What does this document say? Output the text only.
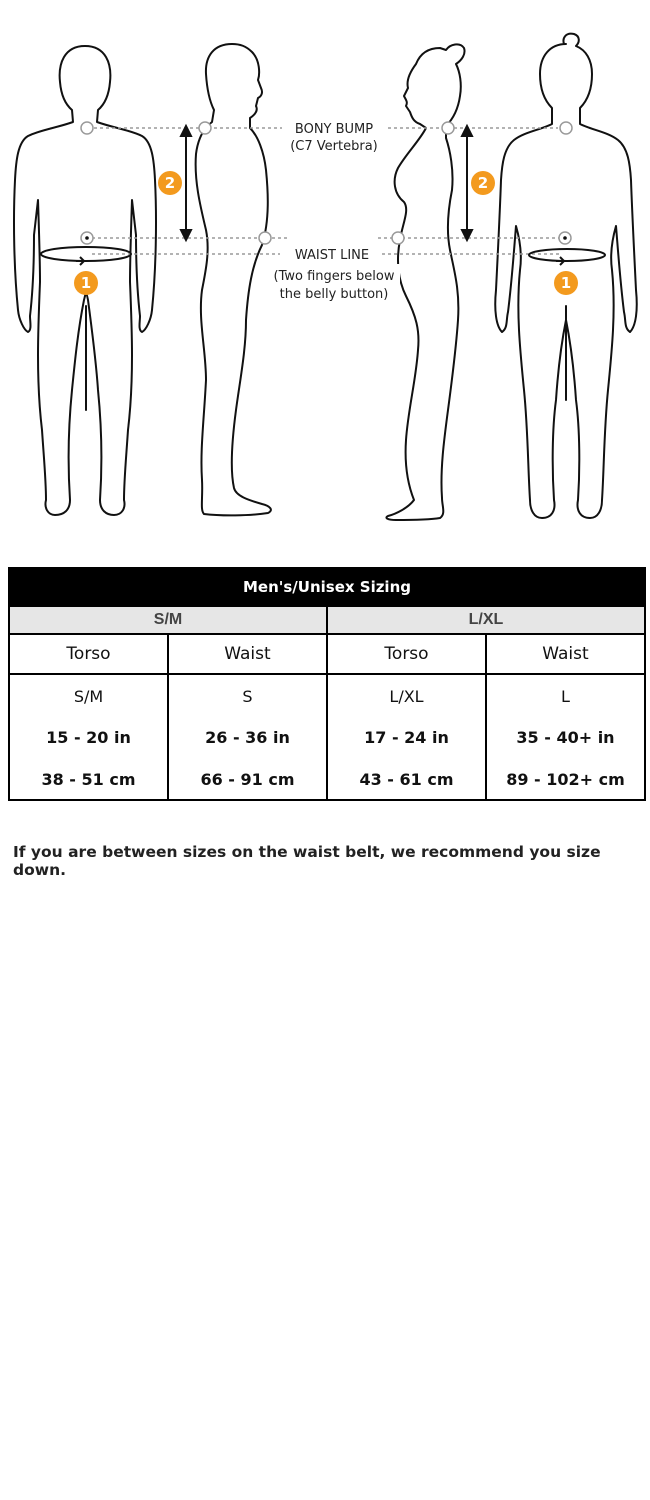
2	2
1	1
BONY BUMP
(C7 Vertebra)
WAIST LINE
(Two fingers below
the belly button)
Men's/Unisex Sizing			
S/M		L/XL	
Torso	Waist	Torso	Waist

S/M
15 - 20 in
38 - 51 cm	S
26 - 36 in
66 - 91 cm	L/XL
17 - 24 in
43 - 61 cm	L
35 - 40+ in
89 - 102+ cm

If you are between sizes on the waist belt, we recommend you size down.
